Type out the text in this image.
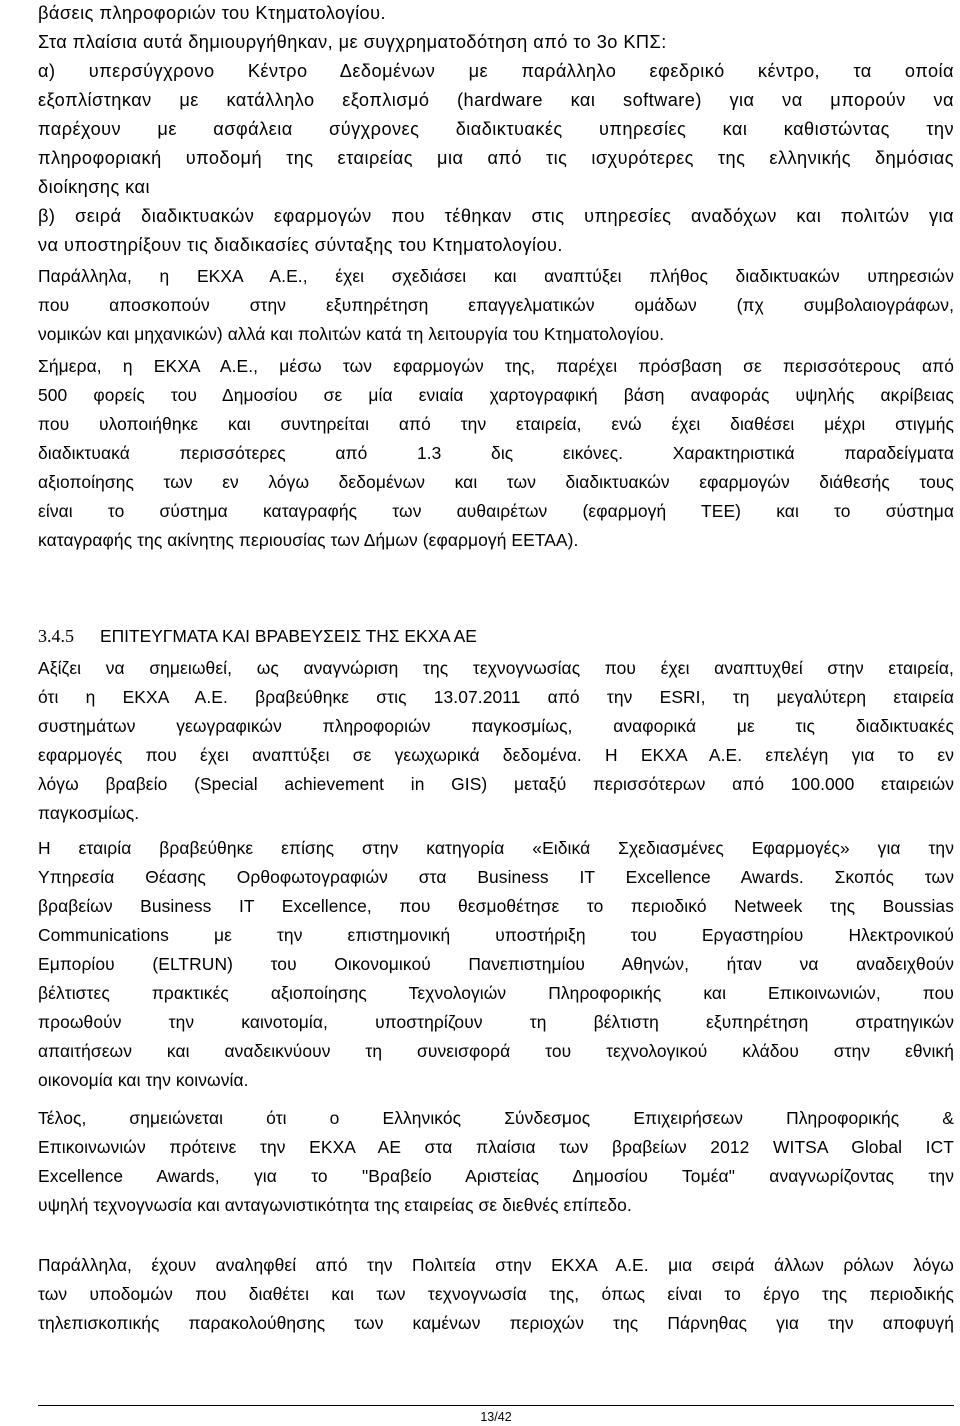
βάσεις πληροφοριών του Κτηματολογίου.
Στα πλαίσια αυτά δημιουργήθηκαν, με συγχρηματοδότηση από το 3ο ΚΠΣ:
α) υπερσύγχρονο Κέντρο Δεδομένων με παράλληλο εφεδρικό κέντρο, τα οποία
εξοπλίστηκαν με κατάλληλο εξοπλισμό (hardware και software) για να μπορούν να
παρέχουν με ασφάλεια σύγχρονες διαδικτυακές υπηρεσίες και καθιστώντας την
πληροφοριακή υποδομή της εταιρείας μια από τις ισχυρότερες της ελληνικής δημόσιας
διοίκησης και
β) σειρά διαδικτυακών εφαρμογών που τέθηκαν στις υπηρεσίες αναδόχων και πολιτών για
να υποστηρίξουν τις διαδικασίες σύνταξης του Κτηματολογίου.
Παράλληλα, η ΕΚΧΑ Α.Ε., έχει σχεδιάσει και αναπτύξει πλήθος διαδικτυακών υπηρεσιών
που αποσκοπούν στην εξυπηρέτηση επαγγελματικών ομάδων (πχ συμβολαιογράφων,
νομικών και μηχανικών) αλλά και πολιτών κατά τη λειτουργία του Κτηματολογίου.
Σήμερα, η ΕΚΧΑ Α.Ε., μέσω των εφαρμογών της, παρέχει πρόσβαση σε περισσότερους από
500 φορείς του Δημοσίου σε μία ενιαία χαρτογραφική βάση αναφοράς υψηλής ακρίβειας
που υλοποιήθηκε και συντηρείται από την εταιρεία, ενώ έχει διαθέσει μέχρι στιγμής
διαδικτυακά περισσότερες από 1.3 δις εικόνες. Χαρακτηριστικά παραδείγματα
αξιοποίησης των εν λόγω δεδομένων και των διαδικτυακών εφαρμογών διάθεσής τους
είναι το σύστημα καταγραφής των αυθαιρέτων (εφαρμογή ΤΕΕ) και το σύστημα
καταγραφής της ακίνητης περιουσίας των Δήμων (εφαρμογή ΕΕΤΑΑ).
3.4.5 ΕΠΙΤΕΥΓΜΑΤΑ ΚΑΙ ΒΡΑΒΕΥΣΕΙΣ ΤΗΣ ΕΚΧΑ ΑΕ
Αξίζει να σημειωθεί, ως αναγνώριση της τεχνογνωσίας που έχει αναπτυχθεί στην εταιρεία,
ότι η ΕΚΧΑ Α.Ε. βραβεύθηκε στις 13.07.2011 από την ESRI, τη μεγαλύτερη εταιρεία
συστημάτων γεωγραφικών πληροφοριών παγκοσμίως, αναφορικά με τις διαδικτυακές
εφαρμογές που έχει αναπτύξει σε γεωχωρικά δεδομένα. Η ΕΚΧΑ Α.Ε. επελέγη για το εν
λόγω βραβείο (Special achievement in GIS) μεταξύ περισσότερων από 100.000 εταιρειών
παγκοσμίως.
Η εταιρία βραβεύθηκε επίσης στην κατηγορία «Ειδικά Σχεδιασμένες Εφαρμογές» για την
Υπηρεσία Θέασης Ορθοφωτογραφιών στα Business IT Excellence Awards. Σκοπός των
βραβείων Business IT Excellence, που θεσμοθέτησε το περιοδικό Netweek της Boussias
Communications με την επιστημονική υποστήριξη του Εργαστηρίου Ηλεκτρονικού
Εμπορίου (ELTRUN) του Οικονομικού Πανεπιστημίου Αθηνών, ήταν να αναδειχθούν
βέλτιστες πρακτικές αξιοποίησης Τεχνολογιών Πληροφορικής και Επικοινωνιών, που
προωθούν την καινοτομία, υποστηρίζουν τη βέλτιστη εξυπηρέτηση στρατηγικών
απαιτήσεων και αναδεικνύουν τη συνεισφορά του τεχνολογικού κλάδου στην εθνική
οικονομία και την κοινωνία.
Τέλος, σημειώνεται ότι ο Ελληνικός Σύνδεσμος Επιχειρήσεων Πληροφορικής &
Επικοινωνιών πρότεινε την ΕΚΧΑ ΑΕ στα πλαίσια των βραβείων 2012 WITSA Global ICT
Excellence Awards, για το "Βραβείο Αριστείας Δημοσίου Τομέα" αναγνωρίζοντας την
υψηλή τεχνογνωσία και ανταγωνιστικότητα της εταιρείας σε διεθνές επίπεδο.
Παράλληλα, έχουν αναληφθεί από την Πολιτεία στην ΕΚΧΑ Α.Ε. μια σειρά άλλων ρόλων λόγω
των υποδομών που διαθέτει και των τεχνογνωσία της, όπως είναι το έργο της περιοδικής
τηλεπισκοπικής παρακολούθησης των καμένων περιοχών της Πάρνηθας για την αποφυγή
13/42
